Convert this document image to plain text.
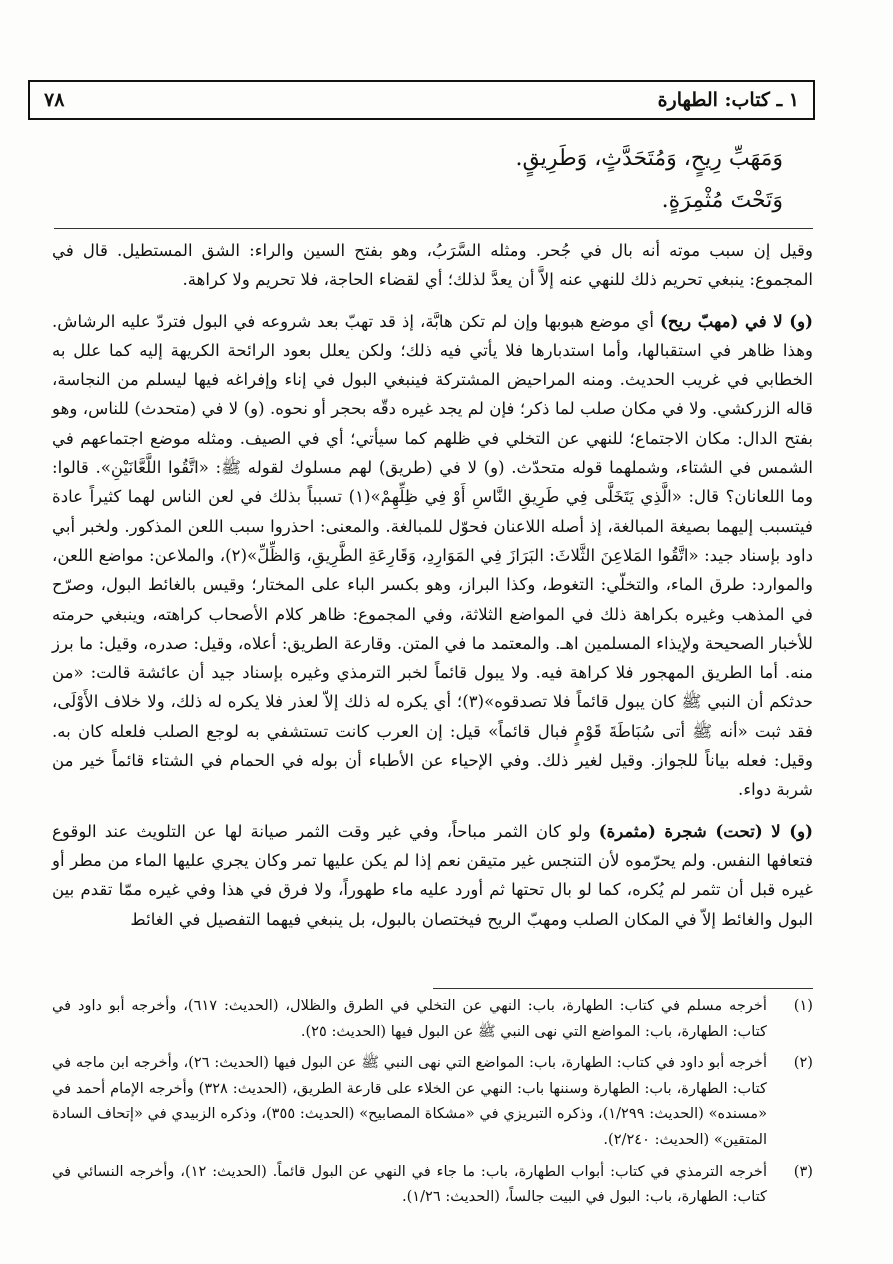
١ ـ كتاب: الطهارة
٧٨
وَمَهَبِّ رِيحٍ، وَمُتَحَدَّثٍ، وَطَرِيقٍ.
وَتَحْتَ مُثْمِرَةٍ.

وقيل إن سبب موته أنه بال في جُحر. ومثله السَّرَبُ، وهو بفتح السين والراء: الشق المستطيل. قال في المجموع: ينبغي تحريم ذلك للنهي عنه إلاَّ أن يعدَّ لذلك؛ أي لقضاء الحاجة، فلا تحريم ولا كراهة.

(و) لا في (مهبّ ريح) أي موضع هبوبها وإن لم تكن هابَّة، إذ قد تهبّ بعد شروعه في البول فتردّ عليه الرشاش. وهذا ظاهر في استقبالها، وأما استدبارها فلا يأتي فيه ذلك؛ ولكن يعلل بعود الرائحة الكريهة إليه كما علل به الخطابي في غريب الحديث. ومنه المراحيض المشتركة فينبغي البول في إناء وإفراغه فيها ليسلم من النجاسة، قاله الزركشي. ولا في مكان صلب لما ذكر؛ فإن لم يجد غيره دقّه بحجر أو نحوه. (و) لا في (متحدث) للناس، وهو بفتح الدال: مكان الاجتماع؛ للنهي عن التخلي في ظلهم كما سيأتي؛ أي في الصيف. ومثله موضع اجتماعهم في الشمس في الشتاء، وشملهما قوله متحدّث. (و) لا في (طريق) لهم مسلوك لقوله ﷺ: «اتَّقُوا اللَّعَّانَيْنِ». قالوا: وما اللعانان؟ قال: «الَّذِي يَتَخَلَّى فِي طَرِيقِ النَّاسِ أَوْ فِي ظِلِّهِمْ»(١) تسبباً بذلك في لعن الناس لهما كثيراً عادة فيتسبب إليهما بصيغة المبالغة، إذ أصله اللاعنان فحوّل للمبالغة. والمعنى: احذروا سبب اللعن المذكور. ولخبر أبي داود بإسناد جيد: «اتَّقُوا المَلاعِنَ الثَّلاثَ: البَرَازَ فِي المَوَارِدِ، وَقَارِعَةِ الطَّرِيقِ، وَالظِّلِّ»(٢)، والملاعن: مواضع اللعن، والموارد: طرق الماء، والتخلّي: التغوط، وكذا البراز، وهو بكسر الباء على المختار؛ وقيس بالغائط البول، وصرّح في المذهب وغيره بكراهة ذلك في المواضع الثلاثة، وفي المجموع: ظاهر كلام الأصحاب كراهته، وينبغي حرمته للأخبار الصحيحة ولإيذاء المسلمين اهـ. والمعتمد ما في المتن. وقارعة الطريق: أعلاه، وقيل: صدره، وقيل: ما برز منه. أما الطريق المهجور فلا كراهة فيه. ولا يبول قائماً لخبر الترمذي وغيره بإسناد جيد أن عائشة قالت: «من حدثكم أن النبي ﷺ كان يبول قائماً فلا تصدقوه»(٣)؛ أي يكره له ذلك إلاّ لعذر فلا يكره له ذلك، ولا خلاف الأَوْلَى، فقد ثبت «أنه ﷺ أتى سُبَاطَةَ قَوْمٍ فبال قائماً» قيل: إن العرب كانت تستشفي به لوجع الصلب فلعله كان به. وقيل: فعله بياناً للجواز. وقيل لغير ذلك. وفي الإحياء عن الأطباء أن بوله في الحمام في الشتاء قائماً خير من شربة دواء.

(و) لا (تحت) شجرة (مثمرة) ولو كان الثمر مباحاً، وفي غير وقت الثمر صيانة لها عن التلويث عند الوقوع فتعافها النفس. ولم يحرّموه لأن التنجس غير متيقن نعم إذا لم يكن عليها تمر وكان يجري عليها الماء من مطر أو غيره قبل أن تثمر لم يُكره، كما لو بال تحتها ثم أورد عليه ماء طهوراً، ولا فرق في هذا وفي غيره ممّا تقدم بين البول والغائط إلاّ في المكان الصلب ومهبّ الريح فيختصان بالبول، بل ينبغي فيهما التفصيل في الغائط

(١)
أخرجه مسلم في كتاب: الطهارة، باب: النهي عن التخلي في الطرق والظلال، (الحديث: ٦١٧)، وأخرجه أبو داود في كتاب: الطهارة، باب: المواضع التي نهى النبي ﷺ عن البول فيها (الحديث: ٢٥).
(٢)
أخرجه أبو داود في كتاب: الطهارة، باب: المواضع التي نهى النبي ﷺ عن البول فيها (الحديث: ٢٦)، وأخرجه ابن ماجه في كتاب: الطهارة، باب: الطهارة وسننها باب: النهي عن الخلاء على قارعة الطريق، (الحديث: ٣٢٨) وأخرجه الإمام أحمد في «مسنده» (الحديث: ١/٢٩٩)، وذكره التبريزي في «مشكاة المصابيح» (الحديث: ٣٥٥)، وذكره الزبيدي في «إتحاف السادة المتقين» (الحديث: ٢/٢٤٠).
(٣)
أخرجه الترمذي في كتاب: أبواب الطهارة، باب: ما جاء في النهي عن البول قائماً. (الحديث: ١٢)، وأخرجه النسائي في كتاب: الطهارة، باب: البول في البيت جالساً، (الحديث: ١/٢٦).
